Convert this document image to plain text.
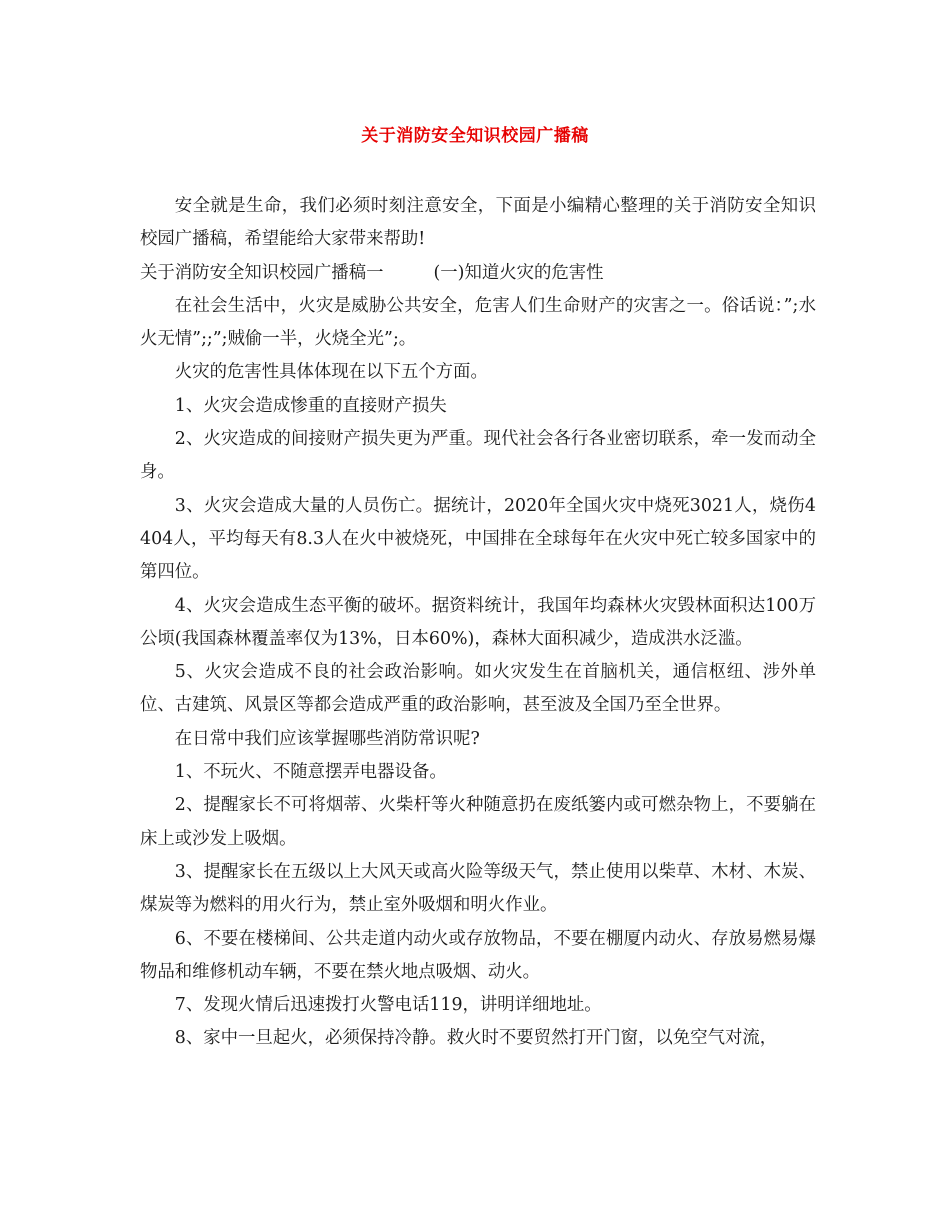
关于消防安全知识校园广播稿

安全就是生命，我们必须时刻注意安全，下面是小编精心整理的关于消防安全知识校园广播稿，希望能给大家带来帮助!

关于消防安全知识校园广播稿一	(一)知道火灾的危害性

在社会生活中，火灾是威胁公共安全，危害人们生命财产的灾害之一。俗话说：”;水火无情”;;”;贼偷一半，火烧全光”;。

火灾的危害性具体体现在以下五个方面。

1、火灾会造成惨重的直接财产损失

2、火灾造成的间接财产损失更为严重。现代社会各行各业密切联系，牵一发而动全身。

3、火灾会造成大量的人员伤亡。据统计，2020年全国火灾中烧死3021人，烧伤4404人，平均每天有8.3人在火中被烧死，中国排在全球每年在火灾中死亡较多国家中的第四位。

4、火灾会造成生态平衡的破坏。据资料统计，我国年均森林火灾毁林面积达100万公顷(我国森林覆盖率仅为13%，日本60%)，森林大面积减少，造成洪水泛滥。

5、火灾会造成不良的社会政治影响。如火灾发生在首脑机关，通信枢纽、涉外单位、古建筑、风景区等都会造成严重的政治影响，甚至波及全国乃至全世界。

在日常中我们应该掌握哪些消防常识呢?

1、不玩火、不随意摆弄电器设备。

2、提醒家长不可将烟蒂、火柴杆等火种随意扔在废纸篓内或可燃杂物上，不要躺在床上或沙发上吸烟。

3、提醒家长在五级以上大风天或高火险等级天气，禁止使用以柴草、木材、木炭、煤炭等为燃料的用火行为，禁止室外吸烟和明火作业。

6、不要在楼梯间、公共走道内动火或存放物品，不要在棚厦内动火、存放易燃易爆物品和维修机动车辆，不要在禁火地点吸烟、动火。

7、发现火情后迅速拨打火警电话119，讲明详细地址。

8、家中一旦起火，必须保持冷静。救火时不要贸然打开门窗，以免空气对流，
